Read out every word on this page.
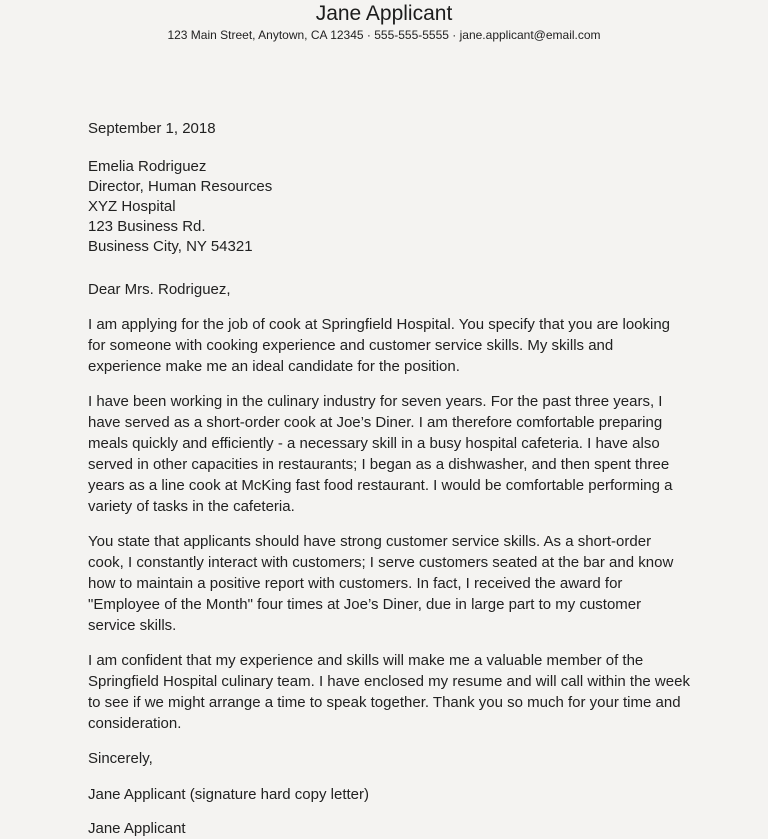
Jane Applicant
123 Main Street, Anytown, CA 12345 · 555-555-5555 · jane.applicant@email.com

September 1, 2018

Emelia Rodriguez
Director, Human Resources
XYZ Hospital
123 Business Rd.
Business City, NY 54321

Dear Mrs. Rodriguez,

I am applying for the job of cook at Springfield Hospital. You specify that you are looking for someone with cooking experience and customer service skills. My skills and experience make me an ideal candidate for the position.

I have been working in the culinary industry for seven years. For the past three years, I have served as a short-order cook at Joe’s Diner. I am therefore comfortable preparing meals quickly and efficiently - a necessary skill in a busy hospital cafeteria. I have also served in other capacities in restaurants; I began as a dishwasher, and then spent three years as a line cook at McKing fast food restaurant. I would be comfortable performing a variety of tasks in the cafeteria.

You state that applicants should have strong customer service skills. As a short-order cook, I constantly interact with customers; I serve customers seated at the bar and know how to maintain a positive report with customers. In fact, I received the award for "Employee of the Month" four times at Joe’s Diner, due in large part to my customer service skills.

I am confident that my experience and skills will make me a valuable member of the Springfield Hospital culinary team. I have enclosed my resume and will call within the week to see if we might arrange a time to speak together. Thank you so much for your time and consideration.

Sincerely,

Jane Applicant (signature hard copy letter)

Jane Applicant
